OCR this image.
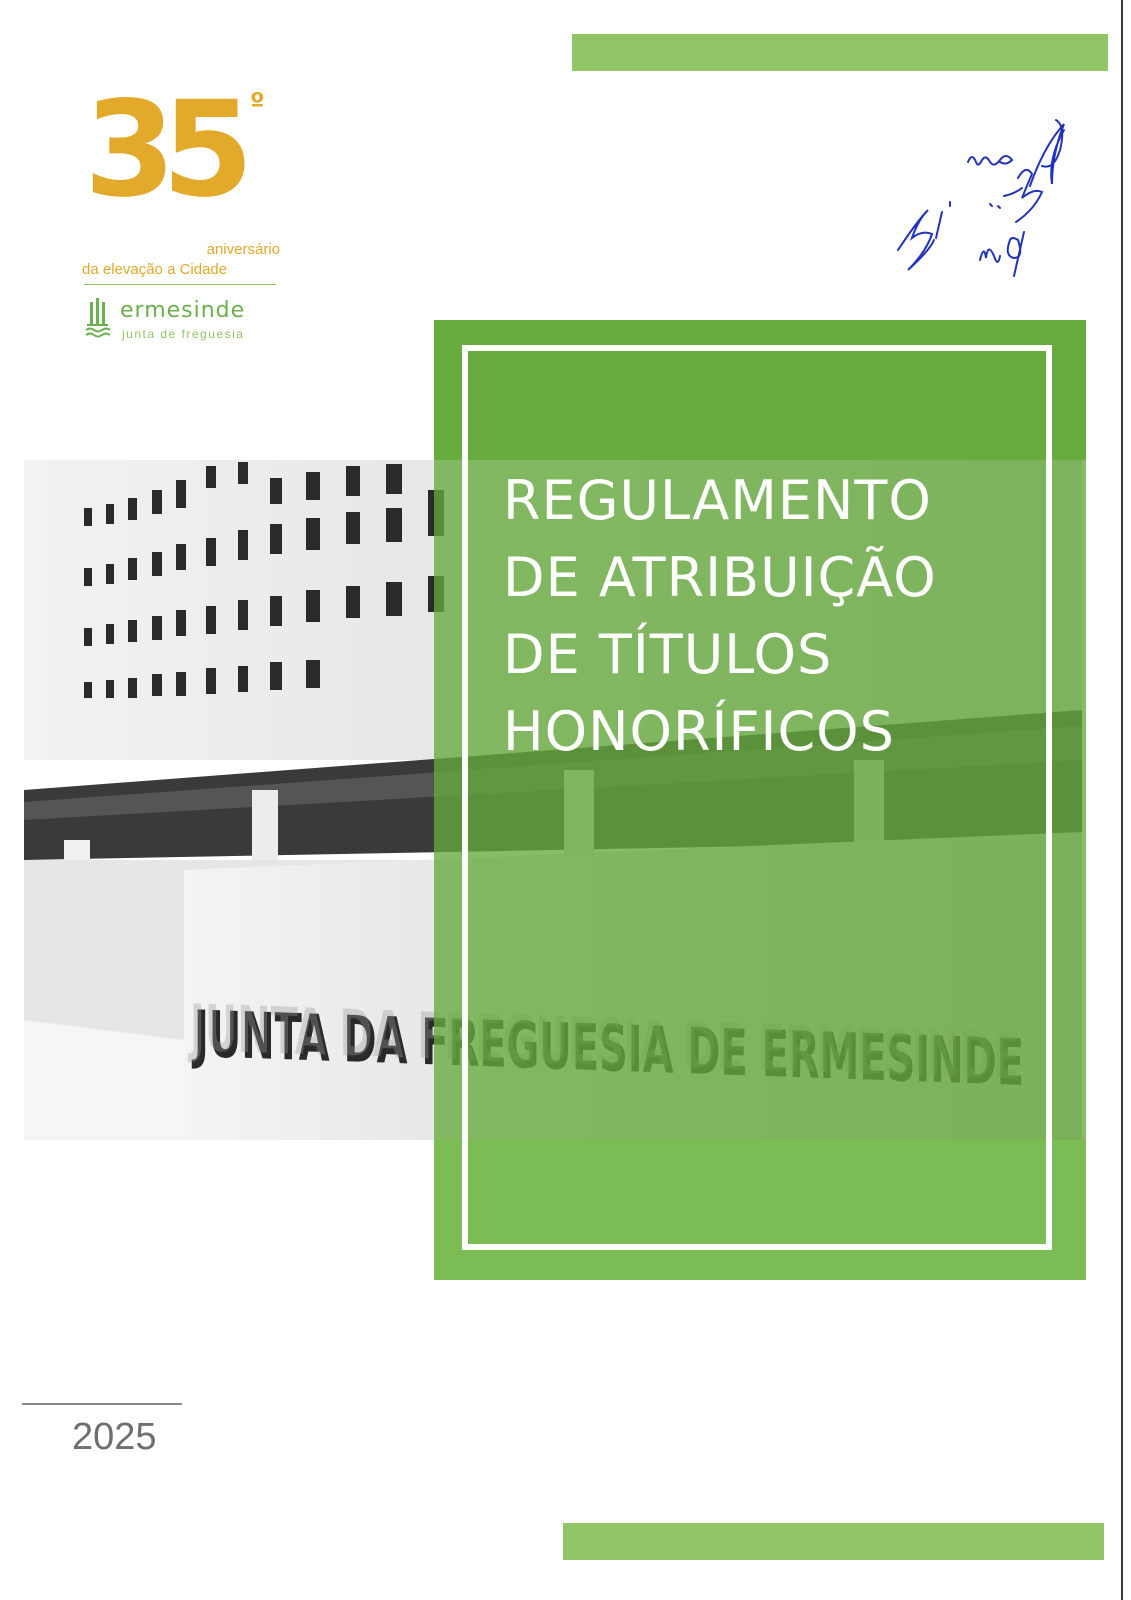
35 º
aniversário
da elevação a Cidade
ermesinde
junta de freguesia
REGULAMENTO
DE ATRIBUIÇÃO
DE TÍTULOS
HONORÍFICOS
2025
